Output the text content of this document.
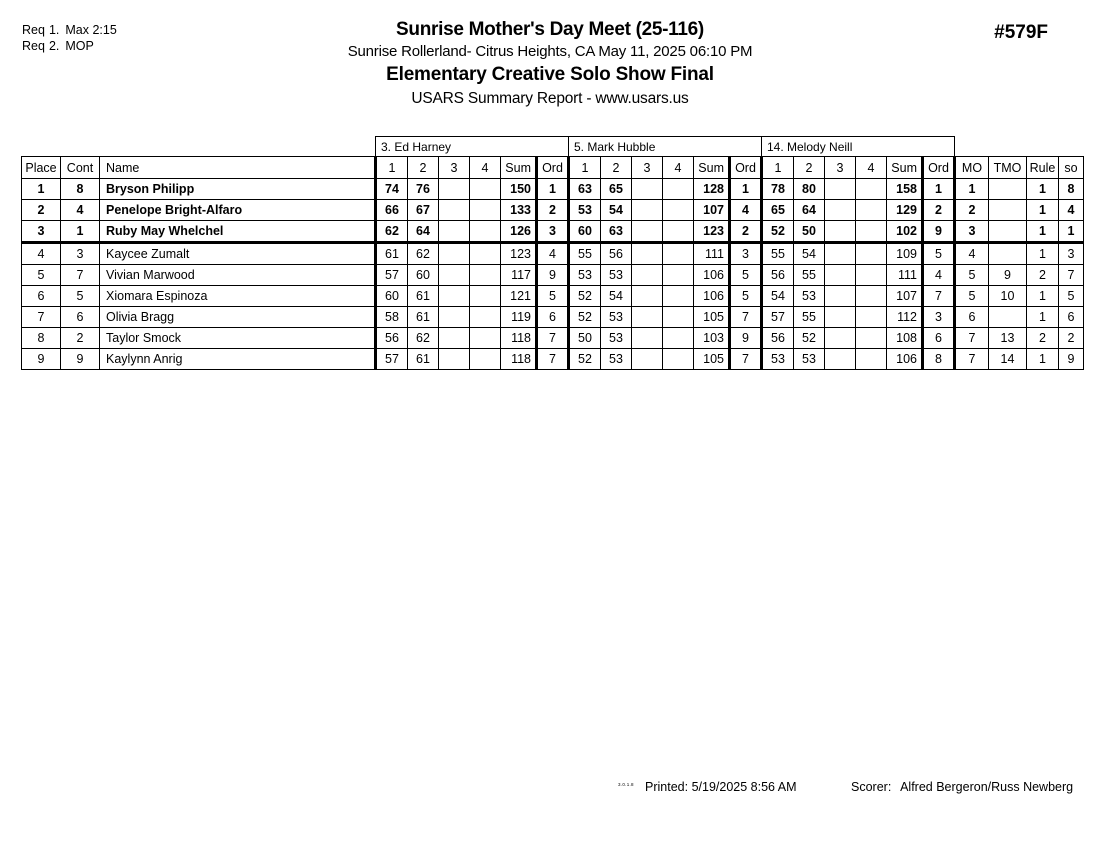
Req 1. Max 2:15
Req 2. MOP
#579F
Sunrise Mother's Day Meet (25-116)
Sunrise Rollerland- Citrus Heights, CA May 11, 2025 06:10 PM
Elementary Creative Solo Show Final
USARS Summary Report - www.usars.us
			3. Ed Harney						5. Mark Hubble						14. Melody Neill									
Place	Cont	Name	1	2	3	4	Sum	Ord	1	2	3	4	Sum	Ord	1	2	3	4	Sum	Ord	MO	TMO	Rule	so
1	8	Bryson Philipp	74	76			150	1	63	65			128	1	78	80			158	1	1		1	8
2	4	Penelope Bright-Alfaro	66	67			133	2	53	54			107	4	65	64			129	2	2		1	4
3	1	Ruby May Whelchel	62	64			126	3	60	63			123	2	52	50			102	9	3		1	1
4	3	Kaycee Zumalt	61	62			123	4	55	56			111	3	55	54			109	5	4		1	3
5	7	Vivian Marwood	57	60			117	9	53	53			106	5	56	55			111	4	5	9	2	7
6	5	Xiomara Espinoza	60	61			121	5	52	54			106	5	54	53			107	7	5	10	1	5
7	6	Olivia Bragg	58	61			119	6	52	53			105	7	57	55			112	3	6		1	6
8	2	Taylor Smock	56	62			118	7	50	53			103	9	56	52			108	6	7	13	2	2
9	9	Kaylynn Anrig	57	61			118	7	52	53			105	7	53	53			106	8	7	14	1	9
3.0.1.8 Printed: 5/19/2025 8:56 AM	Scorer: Alfred Bergeron/Russ Newberg
